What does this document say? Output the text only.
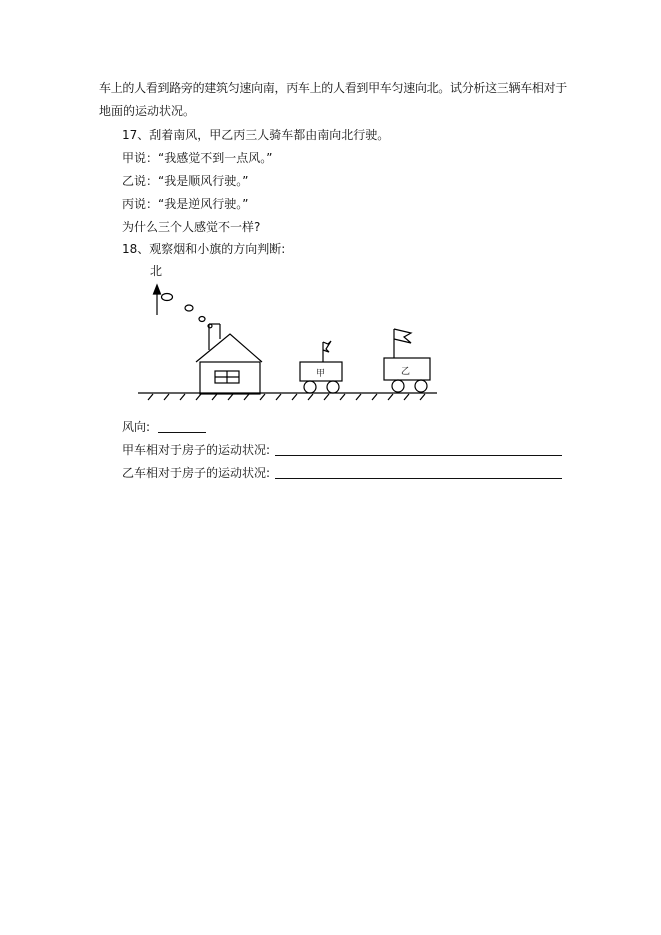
车上的人看到路旁的建筑匀速向南，丙车上的人看到甲车匀速向北。试分析这三辆车相对于
地面的运动状况。
17、刮着南风，甲乙丙三人骑车都由南向北行驶。
甲说：“我感觉不到一点风。”
乙说：“我是顺风行驶。”
丙说：“我是逆风行驶。”
为什么三个人感觉不一样?
18、观察烟和小旗的方向判断:
北
甲	乙
风向:
甲车相对于房子的运动状况:
乙车相对于房子的运动状况:
